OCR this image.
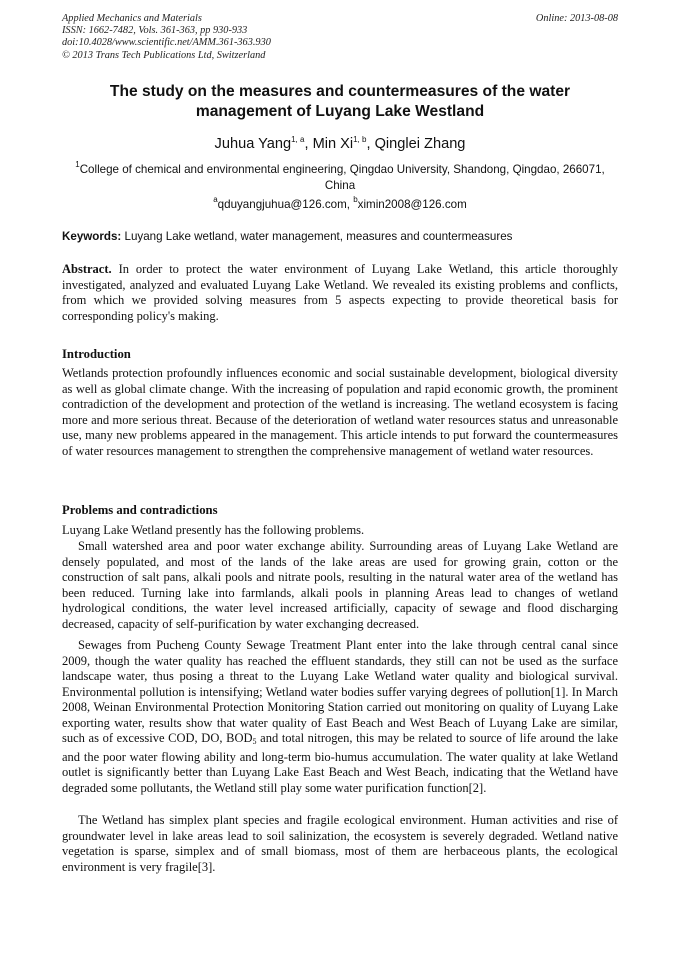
Applied Mechanics and Materials
ISSN: 1662-7482, Vols. 361-363, pp 930-933
doi:10.4028/www.scientific.net/AMM.361-363.930
© 2013 Trans Tech Publications Ltd, Switzerland
Online: 2013-08-08
The study on the measures and countermeasures of the water management of Luyang Lake Westland
Juhua Yang$^{1, a}$, Min Xi$^{1, b}$, Qinglei Zhang
$^1$College of chemical and environmental engineering, Qingdao University, Shandong, Qingdao, 266071, China
$^a$qduyangjuhua@126.com, $^b$ximin2008@126.com
Keywords: Luyang Lake wetland, water management, measures and countermeasures

Abstract. In order to protect the water environment of Luyang Lake Wetland, this article thoroughly investigated, analyzed and evaluated Luyang Lake Wetland. We revealed its existing problems and conflicts, from which we provided solving measures from 5 aspects expecting to provide theoretical basis for corresponding policy's making.

Introduction

Wetlands protection profoundly influences economic and social sustainable development, biological diversity as well as global climate change. With the increasing of population and rapid economic growth, the prominent contradiction of the development and protection of the wetland is increasing. The wetland ecosystem is facing more and more serious threat. Because of the deterioration of wetland water resources status and unreasonable use, many new problems appeared in the management. This article intends to put forward the countermeasures of water resources management to strengthen the comprehensive management of wetland water resources.

Problems and contradictions

Luyang Lake Wetland presently has the following problems.

Small watershed area and poor water exchange ability. Surrounding areas of Luyang Lake Wetland are densely populated, and most of the lands of the lake areas are used for growing grain, cotton or the construction of salt pans, alkali pools and nitrate pools, resulting in the natural water area of the wetland has been reduced. Turning lake into farmlands, alkali pools in planning Areas lead to changes of wetland hydrological conditions, the water level increased artificially, capacity of sewage and flood discharging decreased, capacity of self-purification by water exchanging decreased.

Sewages from Pucheng County Sewage Treatment Plant enter into the lake through central canal since 2009, though the water quality has reached the effluent standards, they still can not be used as the surface landscape water, thus posing a threat to the Luyang Lake Wetland water quality and biological survival. Environmental pollution is intensifying; Wetland water bodies suffer varying degrees of pollution[1]. In March 2008, Weinan Environmental Protection Monitoring Station carried out monitoring on quality of Luyang Lake exporting water, results show that water quality of East Beach and West Beach of Luyang Lake are similar, such as of excessive COD, DO, $BOD_5$ and total nitrogen, this may be related to source of life around the lake and the poor water flowing ability and long-term bio-humus accumulation. The water quality at lake Wetland outlet is significantly better than Luyang Lake East Beach and West Beach, indicating that the Wetland have degraded some pollutants, the Wetland still play some water purification function[2].

The Wetland has simplex plant species and fragile ecological environment. Human activities and rise of groundwater level in lake areas lead to soil salinization, the ecosystem is severely degraded. Wetland native vegetation is sparse, simplex and of small biomass, most of them are herbaceous plants, the ecological environment is very fragile[3].
